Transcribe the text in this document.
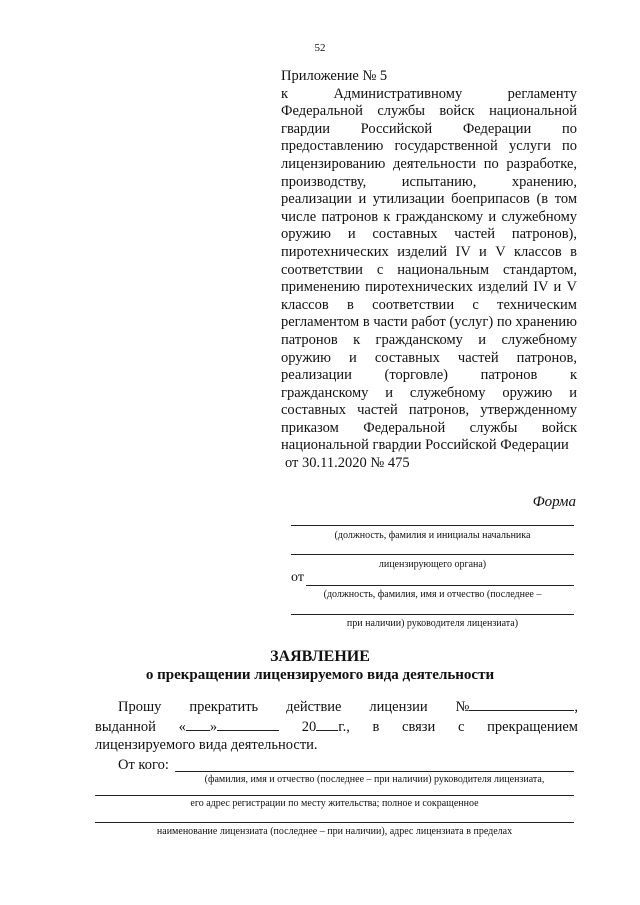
52
Приложение № 5
к Административному регламенту Федеральной службы войск национальной гвардии Российской Федерации по предоставлению государственной услуги по лицензированию деятельности по разработке, производству, испытанию, хранению, реализации и утилизации боеприпасов (в том числе патронов к гражданскому и служебному оружию и составных частей патронов), пиротехнических изделий IV и V классов в соответствии с национальным стандартом, применению пиротехнических изделий IV и V классов в соответствии с техническим регламентом в части работ (услуг) по хранению патронов к гражданскому и служебному оружию и составных частей патронов, реализации (торговле) патронов к гражданскому и служебному оружию и составных частей патронов, утвержденному приказом Федеральной службы войск национальной гвардии Российской Федерации
от 30.11.2020 № 475
Форма
(должность, фамилия и инициалы начальника
лицензирующего органа)
от
(должность, фамилия, имя и отчество (последнее –
при наличии) руководителя лицензиата)
ЗАЯВЛЕНИЕ
о прекращении лицензируемого вида деятельности
Прошу прекратить действие лицензии №	,
выданной « »	20 г., в связи с прекращением
лицензируемого вида деятельности.
От кого:
(фамилия, имя и отчество (последнее – при наличии) руководителя лицензиата,
его адрес регистрации по месту жительства; полное и сокращенное
наименование лицензиата (последнее – при наличии), адрес лицензиата в пределах
